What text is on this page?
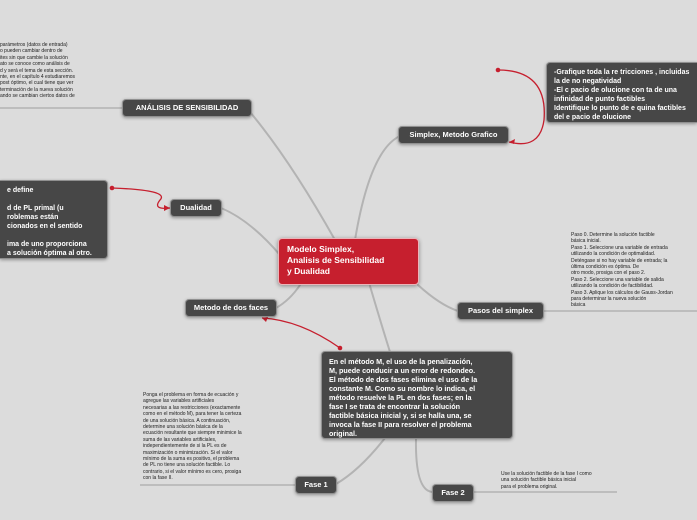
parámetros (datos de entrada)
o pueden cambiar dentro de
ites sin que cambie la solución
ato se conoce como análisis de
d y será el tema de esta sección.
nte, en el capítulo 4 estudiaremos
post óptimo, el cual tiene que ver
terminación de la nueva solución
ando se cambian ciertos datos de
Paso 0. Determine la solución factible
básica inicial.
Paso 1. Seleccione una variable de entrada
utilizando la condición de optimalidad.
Deténgase si no hay variable de entrada; la
última condición es óptima. De
otro modo, prosiga con el paso 2.
Paso 2. Seleccione una variable de salida
utilizando la condición de factibilidad.
Paso 3. Aplique los cálculos de Gauss-Jordan
para determinar la nueva solución
básica
Ponga el problema en forma de ecuación y
agregue las variables artificiales
necesarias a las restricciones (exactamente
como en el método M), para tener la certeza
de una solución básica. A continuación,
determine una solución básica de la
ecuación resultante que siempre minimice la
suma de las variables artificiales,
independientemente de si la PL es de
maximización o minimización. Si el valor
mínimo de la suma es positivo, el problema
de PL no tiene una solución factible. Lo
contrario, si el valor mínimo es cero, prosiga
con la fase II.
Use la solución factible de la fase I como
una solución factible básica inicial
para el problema original.
Modelo Simplex,
Analisis de Sensibilidad
y Dualidad
ANÁLISIS DE SENSIBILIDAD
Simplex, Metodo Grafico
Dualidad
Metodo de dos faces	Pasos del simplex
Fase 1
Fase 2
-Grafique toda la re tricciones , incluidas
la de no negatividad
-El c pacio de olucione con ta de una
infinidad de punto factibles
Identifique lo punto de e quina factibles
del e pacio de olucione
e define

d de PL primal (u
roblemas están
cionados en el sentido

ima de uno proporciona
a solución óptima al otro.
En el método M, el uso de la penalización,
M, puede conducir a un error de redondeo.
El método de dos fases elimina el uso de la
constante M. Como su nombre lo indica, el
método resuelve la PL en dos fases; en la
fase I se trata de encontrar la solución
factible básica inicial y, si se halla una, se
invoca la fase II para resolver el problema
original.
